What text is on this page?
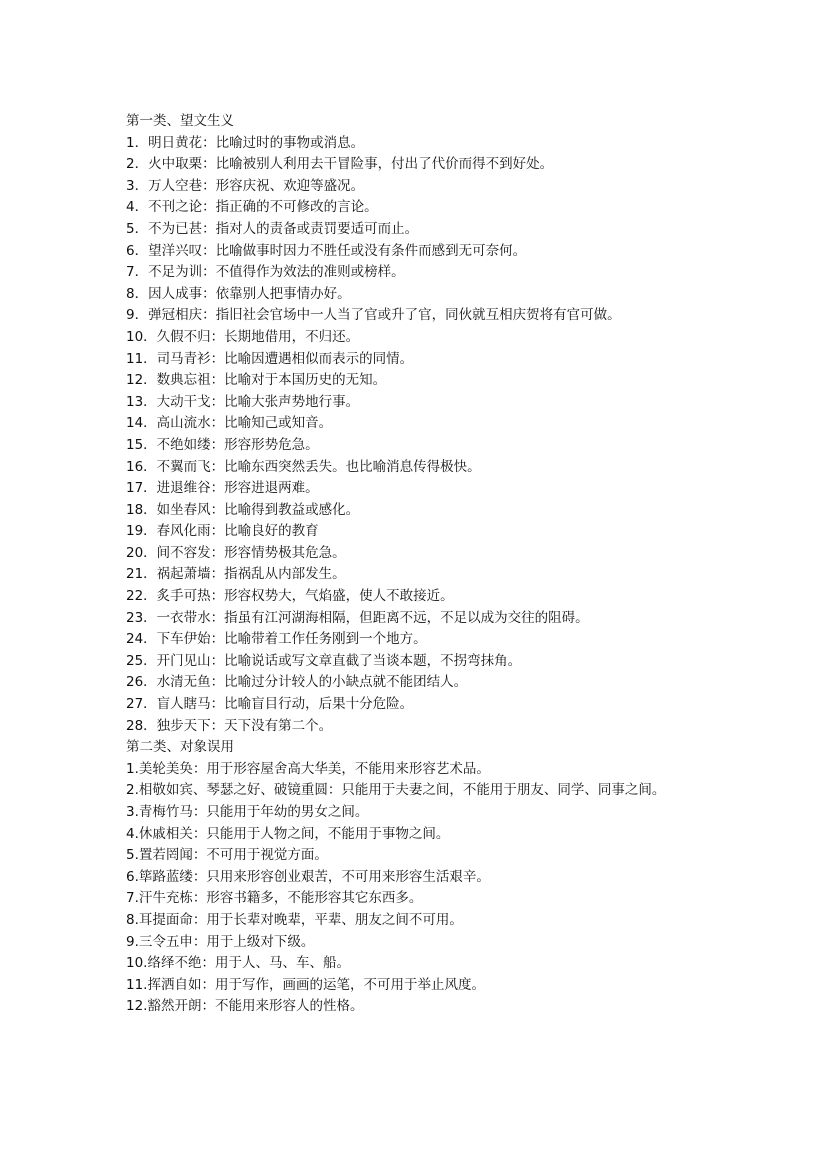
第一类、望文生义
1．明日黄花：比喻过时的事物或消息。
2．火中取栗：比喻被别人利用去干冒险事，付出了代价而得不到好处。
3．万人空巷：形容庆祝、欢迎等盛况。
4．不刊之论：指正确的不可修改的言论。
5．不为已甚：指对人的责备或责罚要适可而止。
6．望洋兴叹：比喻做事时因力不胜任或没有条件而感到无可奈何。
7．不足为训：不值得作为效法的准则或榜样。
8．因人成事：依靠别人把事情办好。
9．弹冠相庆：指旧社会官场中一人当了官或升了官，同伙就互相庆贺将有官可做。
10．久假不归：长期地借用，不归还。
11．司马青衫：比喻因遭遇相似而表示的同情。
12．数典忘祖：比喻对于本国历史的无知。
13．大动干戈：比喻大张声势地行事。
14．高山流水：比喻知己或知音。
15．不绝如缕：形容形势危急。
16．不翼而飞：比喻东西突然丢失。也比喻消息传得极快。
17．进退维谷：形容进退两难。
18．如坐春风：比喻得到教益或感化。
19．春风化雨：比喻良好的教育
20．间不容发：形容情势极其危急。
21．祸起萧墙：指祸乱从内部发生。
22．炙手可热：形容权势大，气焰盛，使人不敢接近。
23．一衣带水：指虽有江河湖海相隔，但距离不远，不足以成为交往的阻碍。
24．下车伊始：比喻带着工作任务刚到一个地方。
25．开门见山：比喻说话或写文章直截了当谈本题，不拐弯抹角。
26．水清无鱼：比喻过分计较人的小缺点就不能团结人。
27．盲人瞎马：比喻盲目行动，后果十分危险。
28．独步天下：天下没有第二个。
第二类、对象误用
1.美轮美奂：用于形容屋舍高大华美，不能用来形容艺术品。
2.相敬如宾、琴瑟之好、破镜重圆：只能用于夫妻之间，不能用于朋友、同学、同事之间。
3.青梅竹马：只能用于年幼的男女之间。
4.休戚相关：只能用于人物之间，不能用于事物之间。
5.置若罔闻：不可用于视觉方面。
6.筚路蓝缕：只用来形容创业艰苦，不可用来形容生活艰辛。
7.汗牛充栋：形容书籍多，不能形容其它东西多。
8.耳提面命：用于长辈对晚辈，平辈、朋友之间不可用。
9.三令五申：用于上级对下级。
10.络绎不绝：用于人、马、车、船。
11.挥洒自如：用于写作，画画的运笔，不可用于举止风度。
12.豁然开朗：不能用来形容人的性格。
